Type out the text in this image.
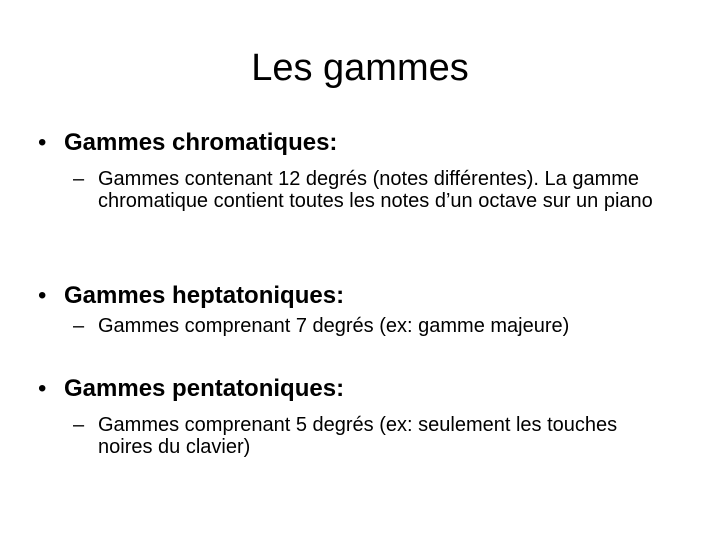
Les gammes
• Gammes chromatiques:
– Gammes contenant 12 degrés (notes différentes). La gamme chromatique contient toutes les notes d’un octave sur un piano
• Gammes heptatoniques:
– Gammes comprenant 7 degrés (ex: gamme majeure)
• Gammes pentatoniques:
– Gammes comprenant 5 degrés (ex: seulement les touches noires du clavier)
